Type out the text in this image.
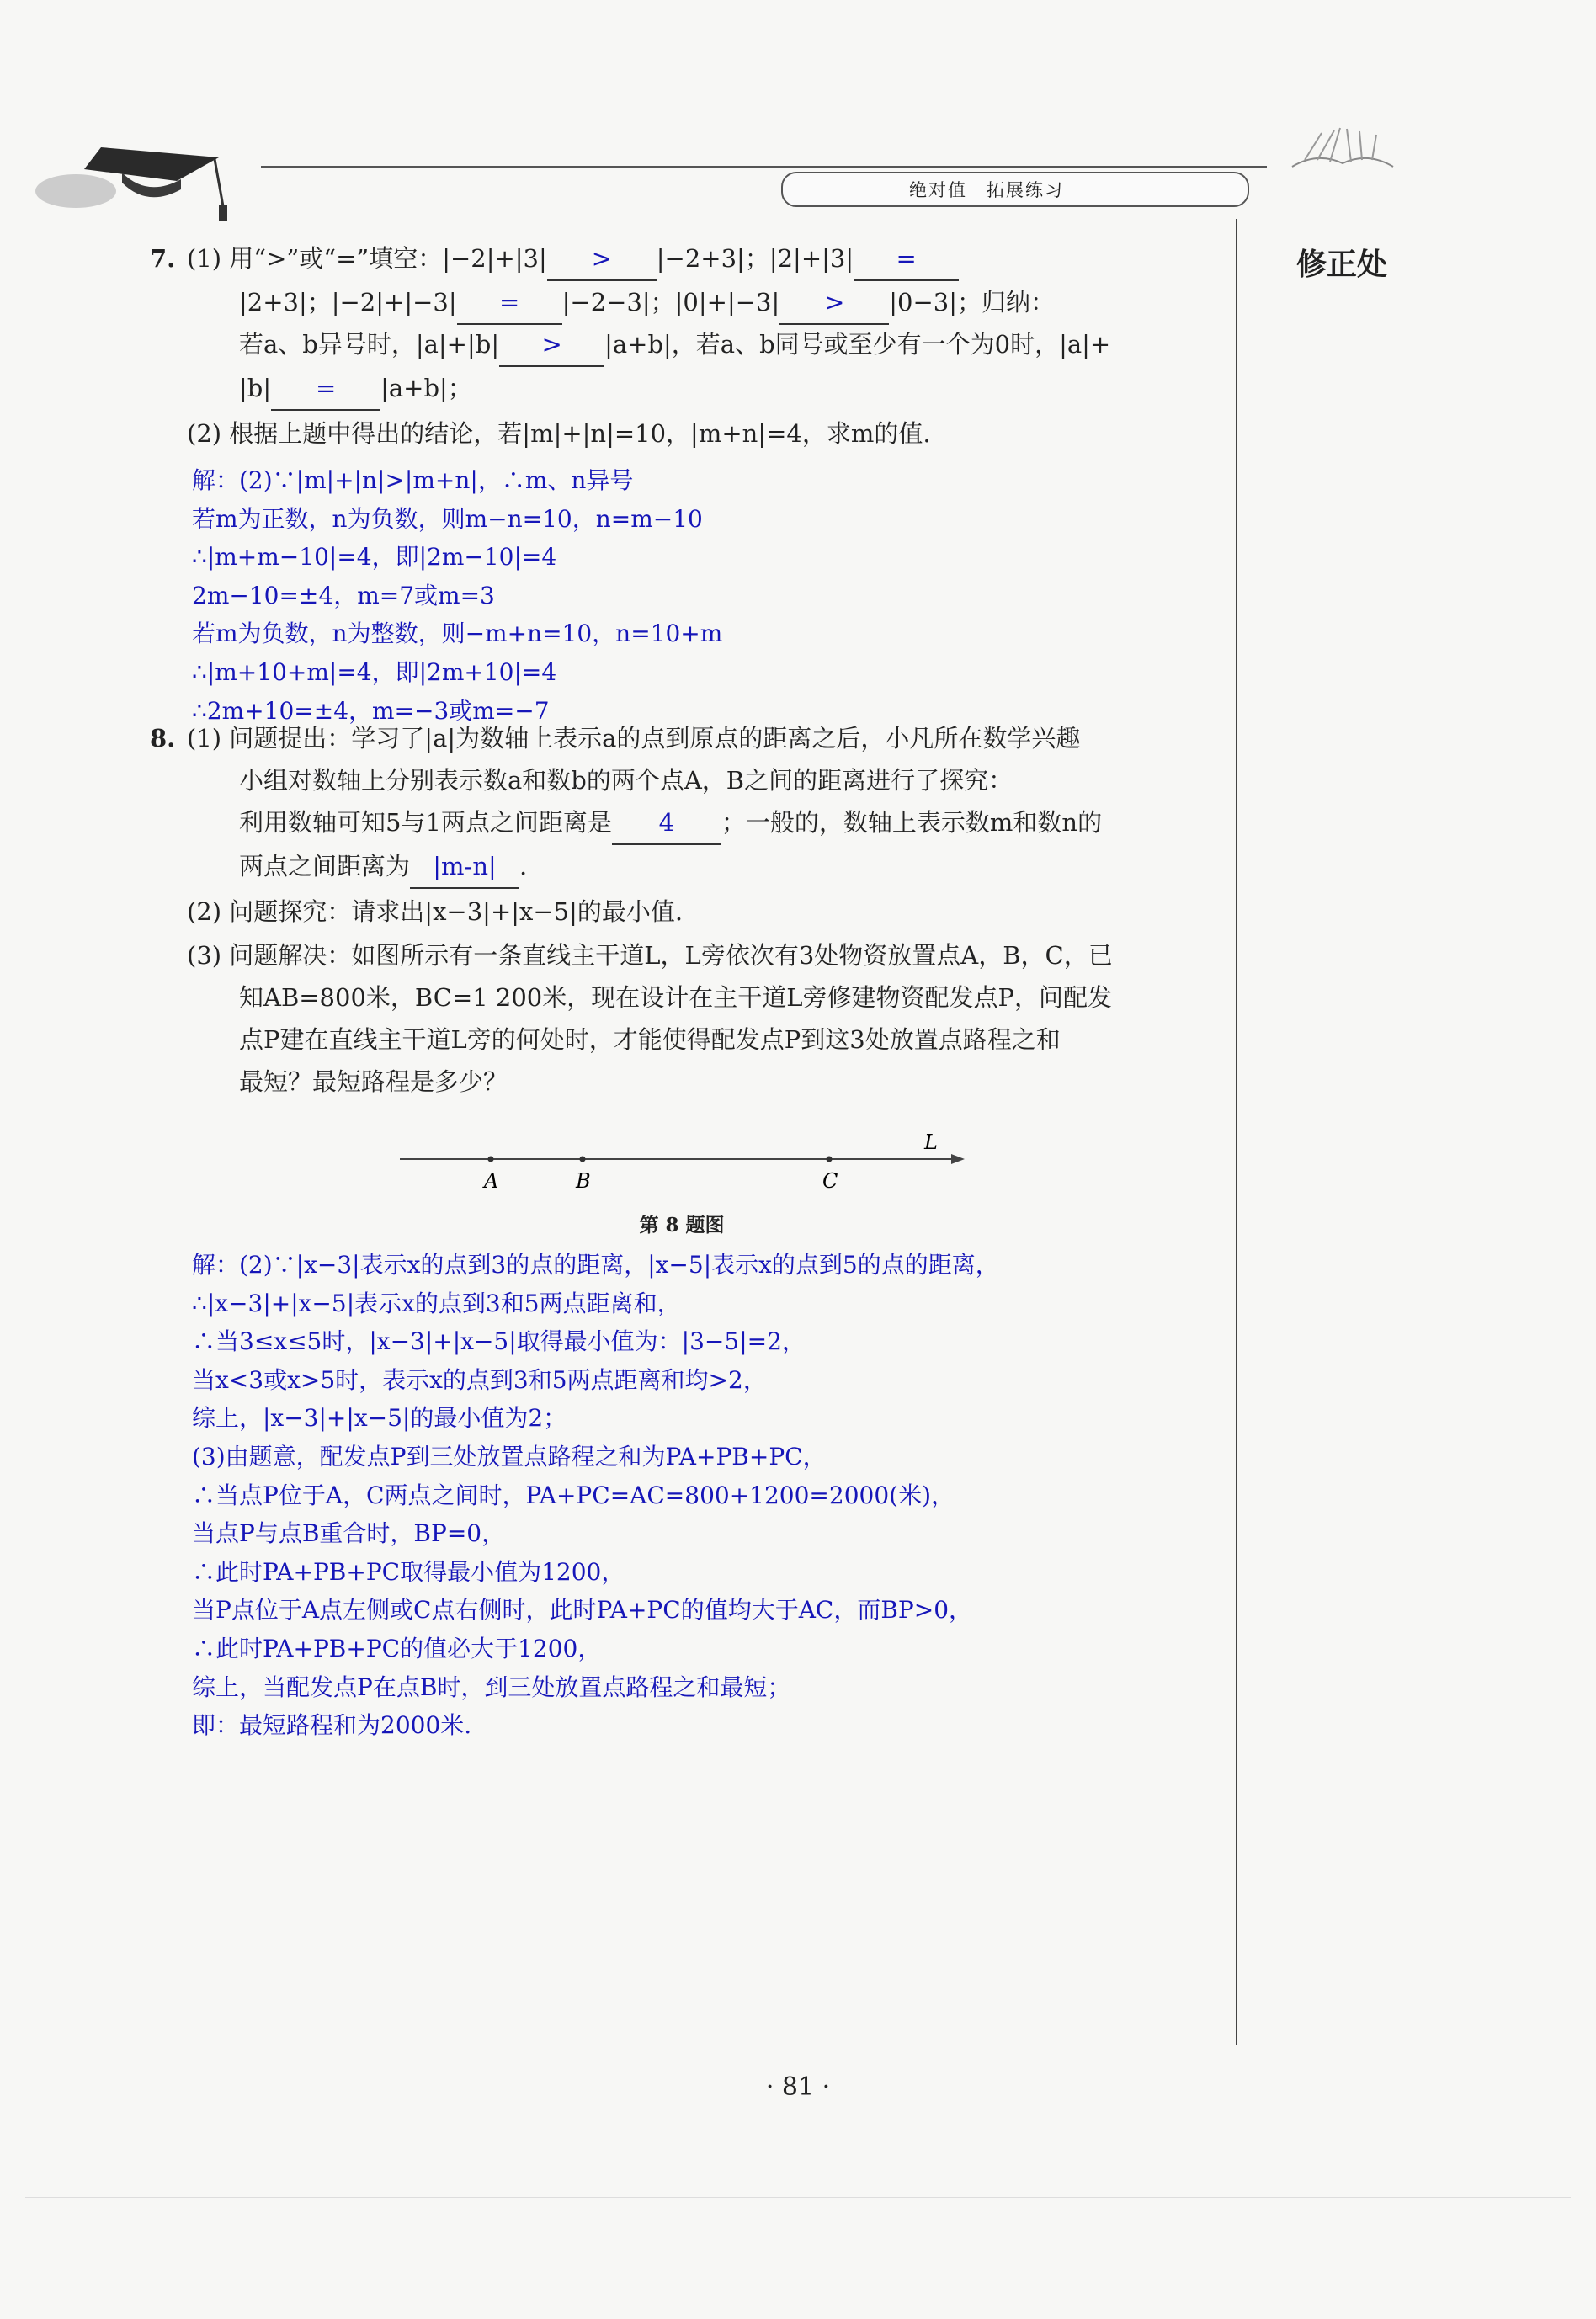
绝对值　拓展练习
修正处
7. (1) 用“>”或“=”填空：|−2|+|3| > |−2+3|；|2|+|3| =
|2+3|；|−2|+|−3| = |−2−3|；|0|+|−3| > |0−3|；归纳：
若a、b异号时，|a|+|b| > |a+b|，若a、b同号或至少有一个为0时，|a|+
|b| = |a+b|；
(2) 根据上题中得出的结论，若|m|+|n|=10，|m+n|=4，求m的值.
解：(2)∵|m|+|n|>|m+n|，∴m、n异号
若m为正数，n为负数，则m−n=10，n=m−10
∴|m+m−10|=4，即|2m−10|=4
2m−10=±4，m=7或m=3
若m为负数，n为整数，则−m+n=10，n=10+m
∴|m+10+m|=4，即|2m+10|=4
∴2m+10=±4，m=−3或m=−7
8. (1) 问题提出：学习了|a|为数轴上表示a的点到原点的距离之后，小凡所在数学兴趣
小组对数轴上分别表示数a和数b的两个点A，B之间的距离进行了探究：
利用数轴可知5与1两点之间距离是 4 ；一般的，数轴上表示数m和数n的
两点之间距离为 |m-n| .
(2) 问题探究：请求出|x−3|+|x−5|的最小值.
(3) 问题解决：如图所示有一条直线主干道L，L旁依次有3处物资放置点A，B，C，已
知AB=800米，BC=1 200米，现在设计在主干道L旁修建物资配发点P，问配发
点P建在直线主干道L旁的何处时，才能使得配发点P到这3处放置点路程之和
最短？最短路程是多少？
A	B	C
L
第 8 题图
解：(2)∵|x−3|表示x的点到3的点的距离，|x−5|表示x的点到5的点的距离，
∴|x−3|+|x−5|表示x的点到3和5两点距离和，
∴当3≤x≤5时，|x−3|+|x−5|取得最小值为：|3−5|=2，
当x<3或x>5时，表示x的点到3和5两点距离和均>2，
综上，|x−3|+|x−5|的最小值为2；
(3)由题意，配发点P到三处放置点路程之和为PA+PB+PC，
∴当点P位于A，C两点之间时，PA+PC=AC=800+1200=2000(米)，
当点P与点B重合时，BP=0，
∴此时PA+PB+PC取得最小值为1200，
当P点位于A点左侧或C点右侧时，此时PA+PC的值均大于AC，而BP>0，
∴此时PA+PB+PC的值必大于1200，
综上，当配发点P在点B时，到三处放置点路程之和最短；
即：最短路程和为2000米.
· 81 ·
